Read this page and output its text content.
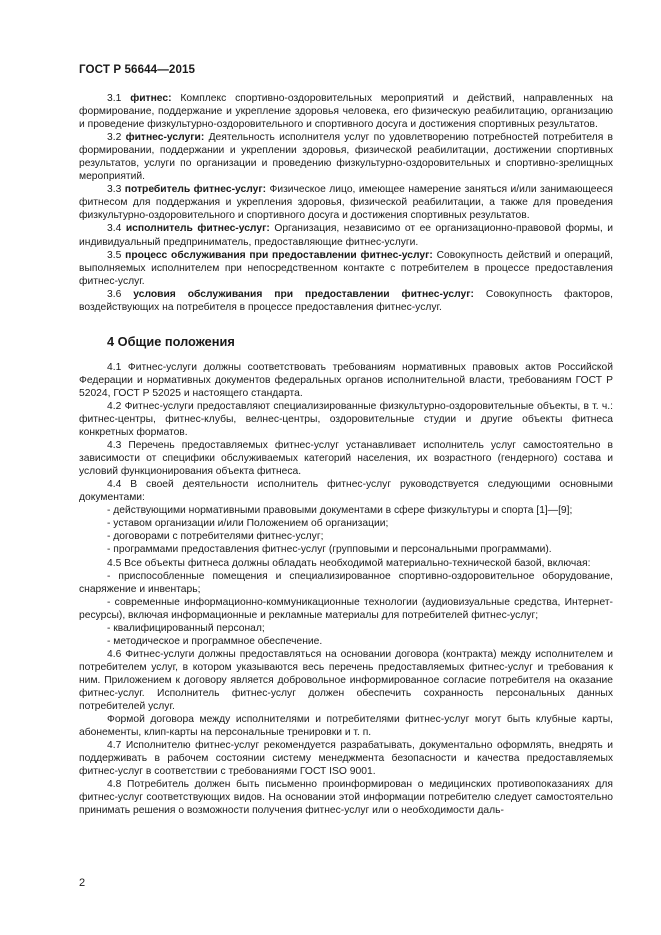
ГОСТ Р 56644—2015

3.1 фитнес: Комплекс спортивно-оздоровительных мероприятий и действий, направленных на формирование, поддержание и укрепление здоровья человека, его физическую реабилитацию, организацию и проведение физкультурно-оздоровительного и спортивного досуга и достижения спортивных результатов.

3.2 фитнес-услуги: Деятельность исполнителя услуг по удовлетворению потребностей потребителя в формировании, поддержании и укреплении здоровья, физической реабилитации, достижении спортивных результатов, услуги по организации и проведению физкультурно-оздоровительных и спортивно-зрелищных мероприятий.

3.3 потребитель фитнес-услуг: Физическое лицо, имеющее намерение заняться и/или занимающееся фитнесом для поддержания и укрепления здоровья, физической реабилитации, а также для проведения физкультурно-оздоровительного и спортивного досуга и достижения спортивных результатов.

3.4 исполнитель фитнес-услуг: Организация, независимо от ее организационно-правовой формы, и индивидуальный предприниматель, предоставляющие фитнес-услуги.

3.5 процесс обслуживания при предоставлении фитнес-услуг: Совокупность действий и операций, выполняемых исполнителем при непосредственном контакте с потребителем в процессе предоставления фитнес-услуг.

3.6 условия обслуживания при предоставлении фитнес-услуг: Совокупность факторов, воздействующих на потребителя в процессе предоставления фитнес-услуг.

4 Общие положения

4.1 Фитнес-услуги должны соответствовать требованиям нормативных правовых актов Российской Федерации и нормативных документов федеральных органов исполнительной власти, требованиям ГОСТ Р 52024, ГОСТ Р 52025 и настоящего стандарта.

4.2 Фитнес-услуги предоставляют специализированные физкультурно-оздоровительные объекты, в т. ч.: фитнес-центры, фитнес-клубы, велнес-центры, оздоровительные студии и другие объекты фитнеса конкретных форматов.

4.3 Перечень предоставляемых фитнес-услуг устанавливает исполнитель услуг самостоятельно в зависимости от специфики обслуживаемых категорий населения, их возрастного (гендерного) состава и условий функционирования объекта фитнеса.

4.4 В своей деятельности исполнитель фитнес-услуг руководствуется следующими основными документами:

- действующими нормативными правовыми документами в сфере физкультуры и спорта [1]—[9];

- уставом организации и/или Положением об организации;

- договорами с потребителями фитнес-услуг;

- программами предоставления фитнес-услуг (групповыми и персональными программами).

4.5 Все объекты фитнеса должны обладать необходимой материально-технической базой, включая:

- приспособленные помещения и специализированное спортивно-оздоровительное оборудование, снаряжение и инвентарь;

- современные информационно-коммуникационные технологии (аудиовизуальные средства, Интернет-ресурсы), включая информационные и рекламные материалы для потребителей фитнес-услуг;

- квалифицированный персонал;

- методическое и программное обеспечение.

4.6 Фитнес-услуги должны предоставляться на основании договора (контракта) между исполнителем и потребителем услуг, в котором указываются весь перечень предоставляемых фитнес-услуг и требования к ним. Приложением к договору является добровольное информированное согласие потребителя на оказание фитнес-услуг. Исполнитель фитнес-услуг должен обеспечить сохранность персональных данных потребителей услуг.

Формой договора между исполнителями и потребителями фитнес-услуг могут быть клубные карты, абонементы, клип-карты на персональные тренировки и т. п.

4.7 Исполнителю фитнес-услуг рекомендуется разрабатывать, документально оформлять, внедрять и поддерживать в рабочем состоянии систему менеджмента безопасности и качества предоставляемых фитнес-услуг в соответствии с требованиями ГОСТ ISO 9001.

4.8 Потребитель должен быть письменно проинформирован о медицинских противопоказаниях для фитнес-услуг соответствующих видов. На основании этой информации потребителю следует самостоятельно принимать решения о возможности получения фитнес-услуг или о необходимости даль-

2
